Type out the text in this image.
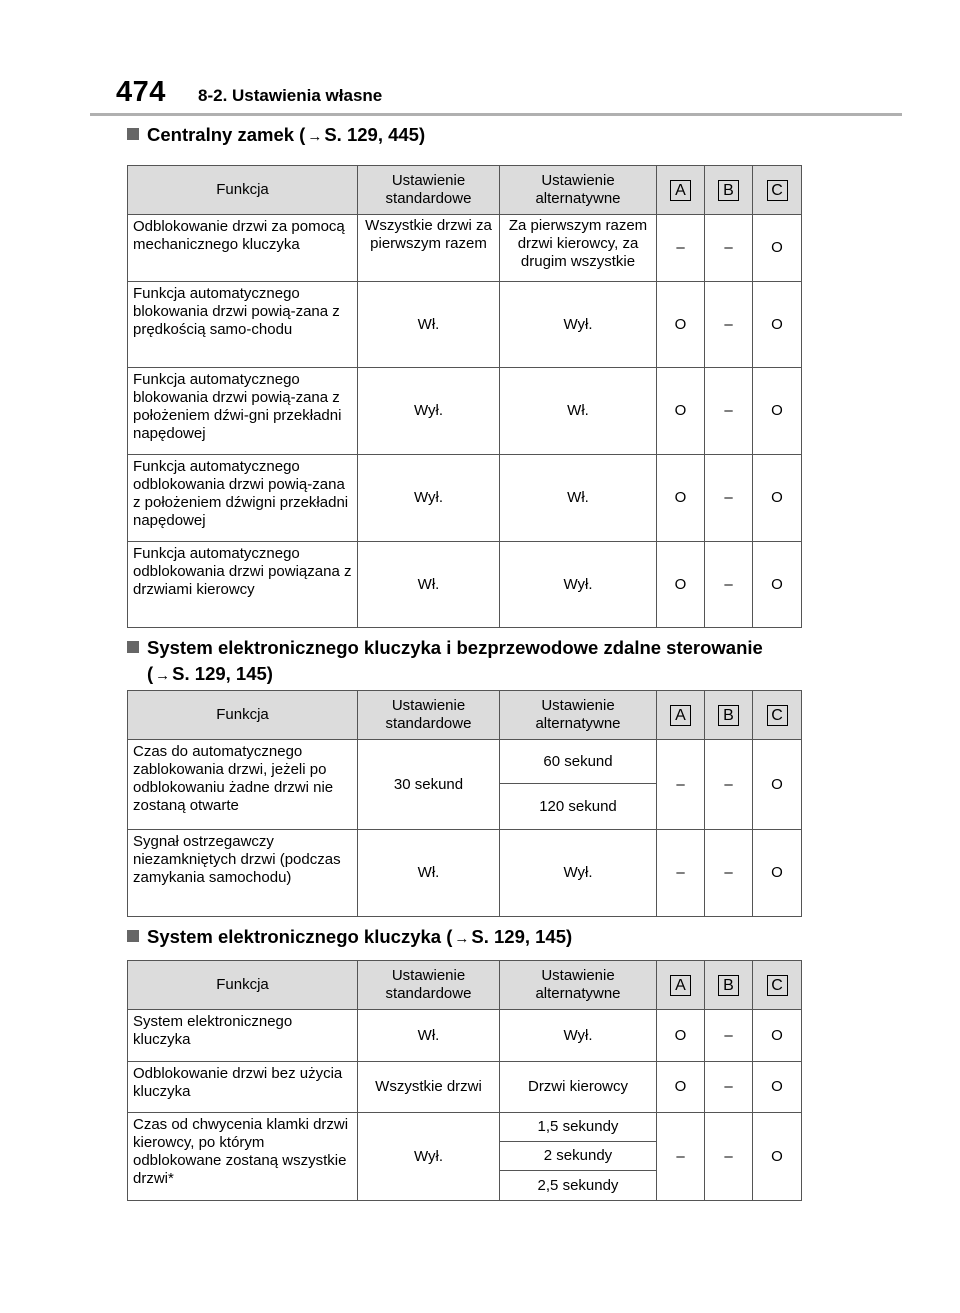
474 8-2. Ustawienia własne
Centralny zamek ( → S. 129, 445)
Funkcja	Ustawienie standardowe	Ustawienie alternatywne	A	B	C
Odblokowanie drzwi za pomocą mechanicznego kluczyka	Wszystkie drzwi za pierwszym razem	Za pierwszym razem drzwi kierowcy, za drugim wszystkie	–	–	O
Funkcja automatycznego blokowania drzwi powią-zana z prędkością samo-chodu	Wł.	Wył.	O	–	O
Funkcja automatycznego blokowania drzwi powią-zana z położeniem dźwi-gni przekładni napędowej	Wył.	Wł.	O	–	O
Funkcja automatycznego odblokowania drzwi powią-zana z położeniem dźwigni przekładni napędowej	Wył.	Wł.	O	–	O
Funkcja automatycznego odblokowania drzwi powiązana z drzwiami kierowcy	Wł.	Wył.	O	–	O
System elektronicznego kluczyka i bezprzewodowe zdalne sterowanie
( → S. 129, 145)
Funkcja	Ustawienie standardowe	Ustawienie alternatywne	A	B	C
Czas do automatycznego zablokowania drzwi, jeżeli po odblokowaniu żadne drzwi nie zostaną otwarte	30 sekund	60 sekund	–	–	O
		120 sekund			
Sygnał ostrzegawczy niezamkniętych drzwi (podczas zamykania samochodu)	Wł.	Wył.	–	–	O
System elektronicznego kluczyka ( → S. 129, 145)
Funkcja	Ustawienie standardowe	Ustawienie alternatywne	A	B	C
System elektronicznego kluczyka	Wł.	Wył.	O	–	O
Odblokowanie drzwi bez użycia kluczyka	Wszystkie drzwi	Drzwi kierowcy	O	–	O
Czas od chwycenia klamki drzwi kierowcy, po którym odblokowane zostaną wszystkie drzwi*	Wył.	1,5 sekundy	–	–	O
		2 sekundy			
		2,5 sekundy			
